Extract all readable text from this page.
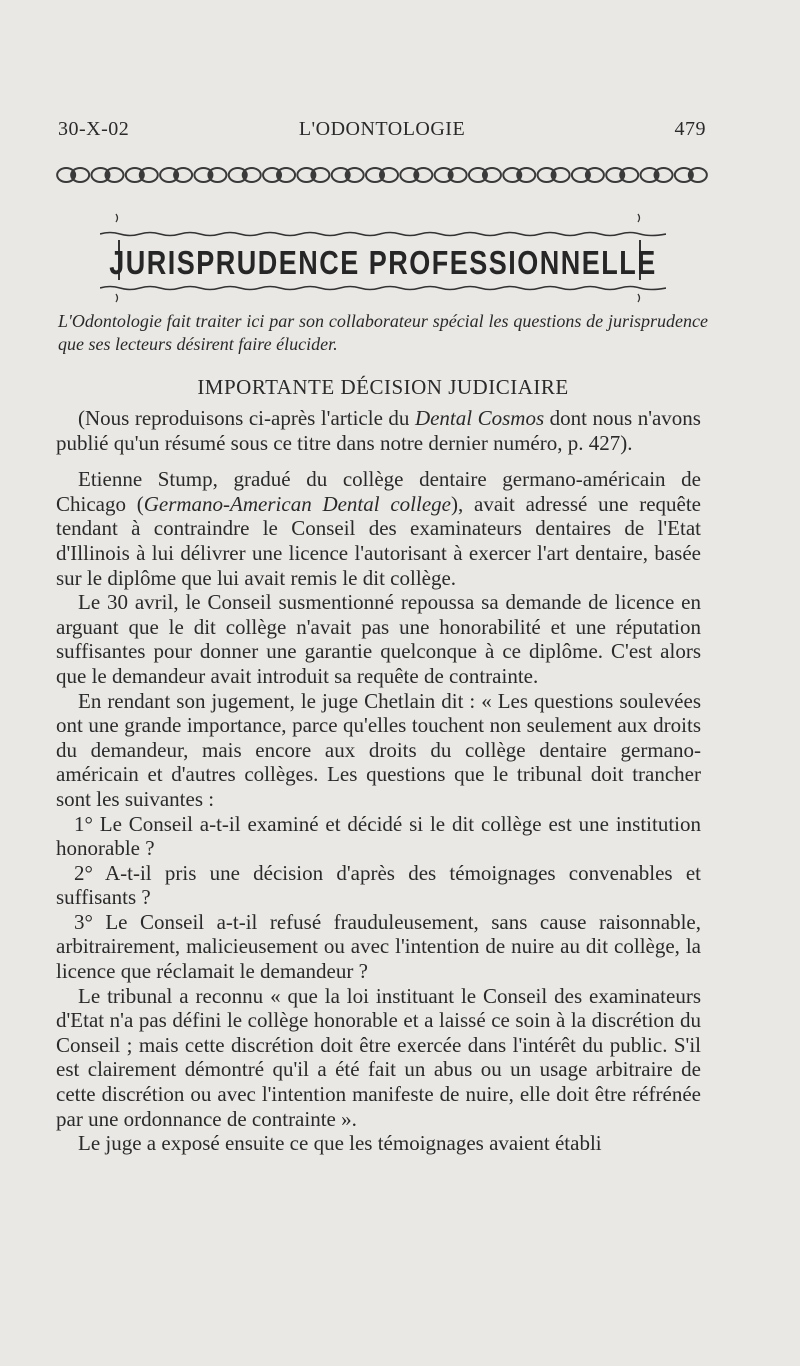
30-X-02	L'ODONTOLOGIE	479
JURISPRUDENCE PROFESSIONNELLE
L'Odontologie fait traiter ici par son collaborateur spécial les questions de jurisprudence que ses lecteurs désirent faire élucider.
IMPORTANTE DÉCISION JUDICIAIRE

(Nous reproduisons ci-après l'article du Dental Cosmos dont nous n'avons publié qu'un résumé sous ce titre dans notre dernier numéro, p. 427).

Etienne Stump, gradué du collège dentaire germano-américain de Chicago (Germano-American Dental college), avait adressé une requête tendant à contraindre le Conseil des examinateurs dentaires de l'Etat d'Illinois à lui délivrer une licence l'autorisant à exercer l'art dentaire, basée sur le diplôme que lui avait remis le dit collège.

Le 30 avril, le Conseil susmentionné repoussa sa demande de licence en arguant que le dit collège n'avait pas une honorabilité et une réputation suffisantes pour donner une garantie quelconque à ce diplôme. C'est alors que le demandeur avait introduit sa requête de contrainte.

En rendant son jugement, le juge Chetlain dit : « Les questions soulevées ont une grande importance, parce qu'elles touchent non seulement aux droits du demandeur, mais encore aux droits du collège dentaire germano-américain et d'autres collèges. Les questions que le tribunal doit trancher sont les suivantes :

1° Le Conseil a-t-il examiné et décidé si le dit collège est une institution honorable ?

2° A-t-il pris une décision d'après des témoignages convenables et suffisants ?

3° Le Conseil a-t-il refusé frauduleusement, sans cause raisonnable, arbitrairement, malicieusement ou avec l'intention de nuire au dit collège, la licence que réclamait le demandeur ?

Le tribunal a reconnu « que la loi instituant le Conseil des examinateurs d'Etat n'a pas défini le collège honorable et a laissé ce soin à la discrétion du Conseil ; mais cette discrétion doit être exercée dans l'intérêt du public. S'il est clairement démontré qu'il a été fait un abus ou un usage arbitraire de cette discrétion ou avec l'intention manifeste de nuire, elle doit être réfrénée par une ordonnance de contrainte ».

Le juge a exposé ensuite ce que les témoignages avaient établi
